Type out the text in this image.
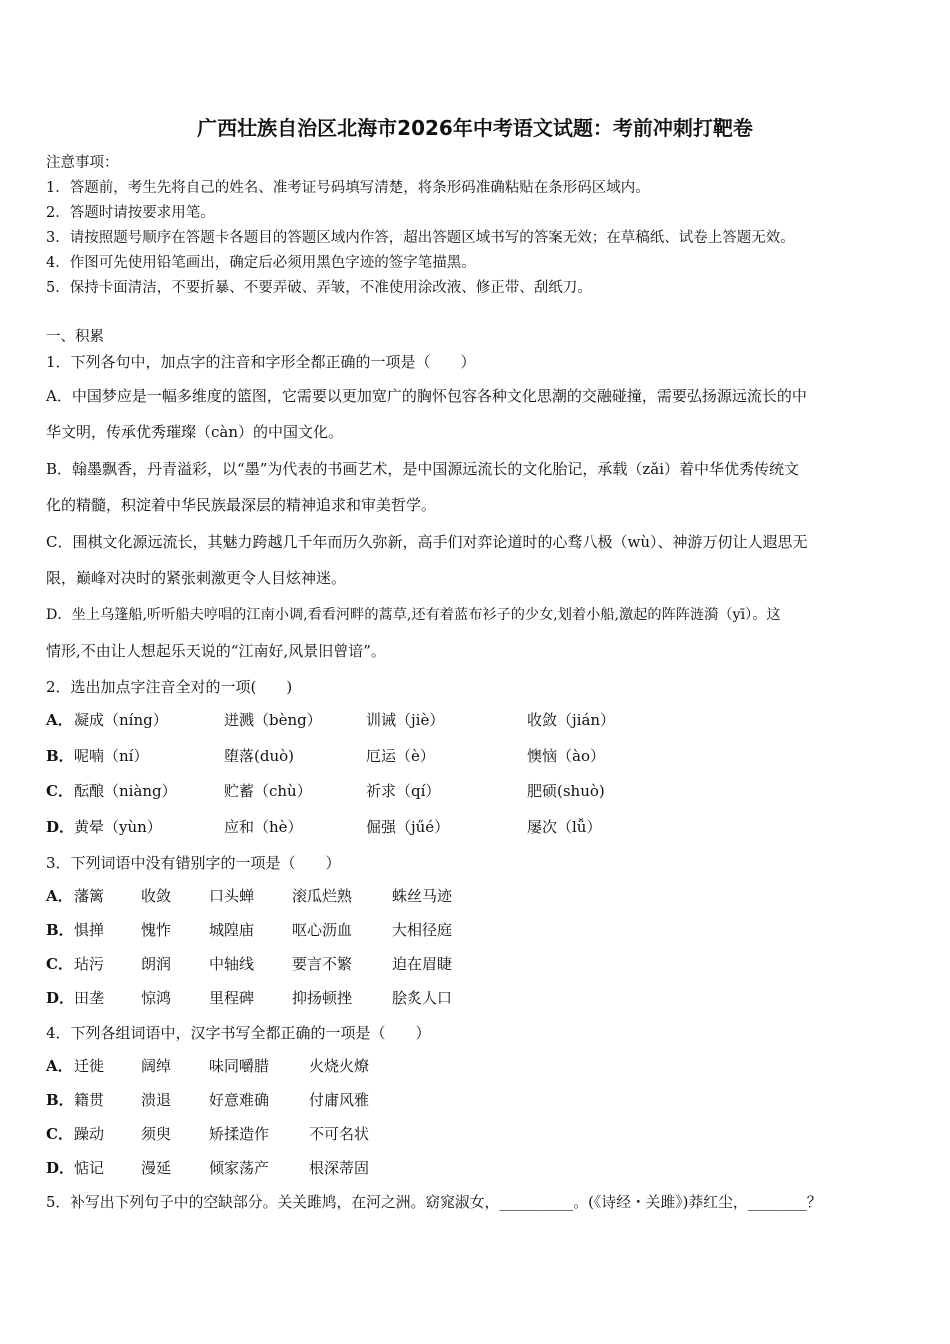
广西壮族自治区北海市2026年中考语文试题：考前冲刺打靶卷
注意事项：
1．答题前，考生先将自己的姓名、准考证号码填写清楚，将条形码准确粘贴在条形码区域内。
2．答题时请按要求用笔。
3．请按照题号顺序在答题卡各题目的答题区域内作答，超出答题区域书写的答案无效；在草稿纸、试卷上答题无效。
4．作图可先使用铅笔画出，确定后必须用黑色字迹的签字笔描黑。
5．保持卡面清洁，不要折暴、不要弄破、弄皱，不准使用涂改液、修正带、刮纸刀。
一、积累
1．下列各句中，加点字的注音和字形全都正确的一项是（　　）
A．中国梦应是一幅多维度的篮图，它需要以更加宽广的胸怀包容各种文化思潮的交融碰撞，需要弘扬源远流长的中
华文明，传承优秀璀璨（càn）的中国文化。
B．翰墨飘香，丹青溢彩，以“墨”为代表的书画艺术，是中国源远流长的文化胎记，承载（zǎi）着中华优秀传统文
化的精髓，积淀着中华民族最深层的精神追求和审美哲学。
C．围棋文化源远流长，其魅力跨越几千年而历久弥新，高手们对弈论道时的心骛八极（wù）、神游万仞让人遐思无
限，巅峰对决时的紧张刺激更令人目炫神迷。
D．坐上乌篷船,听听船夫哼唱的江南小调,看看河畔的蒿草,还有着蓝布衫子的少女,划着小船,激起的阵阵涟漪（yī）。这
情形,不由让人想起乐天说的“江南好,风景旧曾谙”。
2．选出加点字注音全对的一项(　　)
A． 凝成（níng）	迸溅（bèng）	训诫（jiè）	收敛（jián）
B． 呢喃（ní）	堕落(duò)	厄运（è）	懊恼（ào）
C． 酝酿（niàng）	贮蓄（chù）	祈求（qí）	肥硕(shuò)
D． 黄晕（yùn）	应和（hè）	倔强（jűé）	屡次（lǚ）
3．下列词语中没有错别字的一项是（　　）
A． 藩篱 收敛	口头蝉	滚瓜烂熟	蛛丝马迹
B． 惧掸 愧怍	城隍庙	呕心沥血	大相径庭
C． 玷污 朗润	中轴线	要言不繁	迫在眉睫
D． 田垄 惊鸿	里程碑	抑扬顿挫	脍炙人口
4．下列各组词语中，汉字书写全都正确的一项是（　　）
A． 迁徙 阔绰	味同嚼腊	火烧火燎
B． 籍贯 溃退	好意难确	付庸风雅
C． 躁动 须臾	矫揉造作	不可名状
D． 惦记 漫延	倾家荡产	根深蒂固
5．补写出下列句子中的空缺部分。关关雎鸠，在河之洲。窈窕淑女，__________。(《诗经・关雎》)莽红尘，________？
